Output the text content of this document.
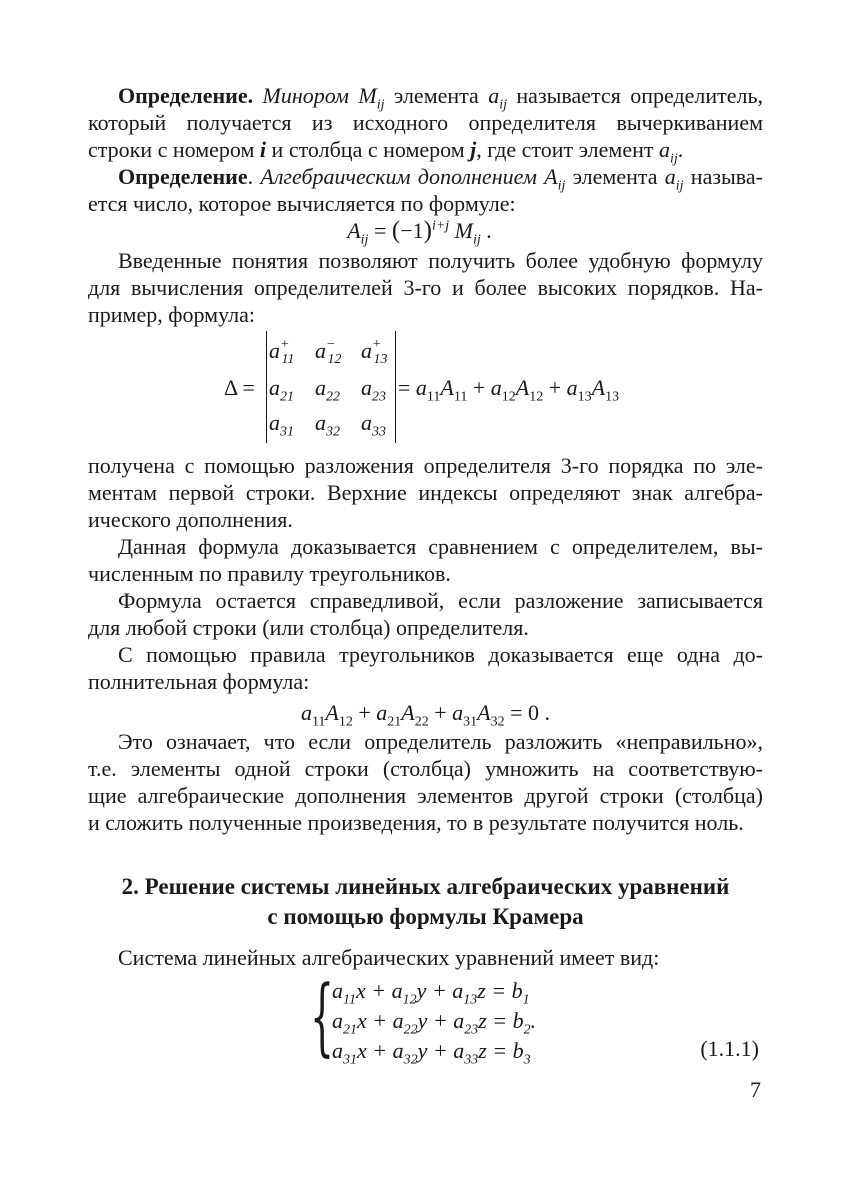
Определение. Минором $M_{ij}$ элемента $a_{ij}$ называется определитель,

который получается из исходного определителя вычеркиванием

строки с номером i и столбца с номером j, где стоит элемент $a_{ij}$.

Определение. Алгебраическим дополнением $A_{ij}$ элемента $a_{ij}$ называ-

ется число, которое вычисляется по формуле:

$A_{ij} = (-1)^{i+j}$ $M_{ij}$ .

Введенные понятия позволяют получить более удобную формулу

для вычисления определителей 3-го и более высоких порядков. На-

пример, формула:

Δ =
$a^+_{11}$ $a^-_{12}$ $a^+_{13}$
$a_{21}$ $a_{22}$ $a_{23}$
$a_{31}$ $a_{32}$ $a_{33}$
= $a_{11}A_{11} + a_{12}A_{12} + a_{13}A_{13}$

получена с помощью разложения определителя 3-го порядка по эле-

ментам первой строки. Верхние индексы определяют знак алгебра-

ического дополнения.

Данная формула доказывается сравнением с определителем, вы-

численным по правилу треугольников.

Формула остается справедливой, если разложение записывается

для любой строки (или столбца) определителя.

С помощью правила треугольников доказывается еще одна до-

полнительная формула:

$a_{11}A_{12} + a_{21}A_{22} + a_{31}A_{32} = 0$ .

Это означает, что если определитель разложить «неправильно»,

т.е. элементы одной строки (столбца) умножить на соответствую-

щие алгебраические дополнения элементов другой строки (столбца)

и сложить полученные произведения, то в результате получится ноль.

2. Решение системы линейных алгебраических уравнений
с помощью формулы Крамера

Система линейных алгебраических уравнений имеет вид:

{
$a_{11}x + a_{12}y + a_{13}z = b_1$
$a_{21}x + a_{22}y + a_{23}z = b_2$.
$a_{31}x + a_{32}y + a_{33}z = b_3$	(1.1.1)
7
